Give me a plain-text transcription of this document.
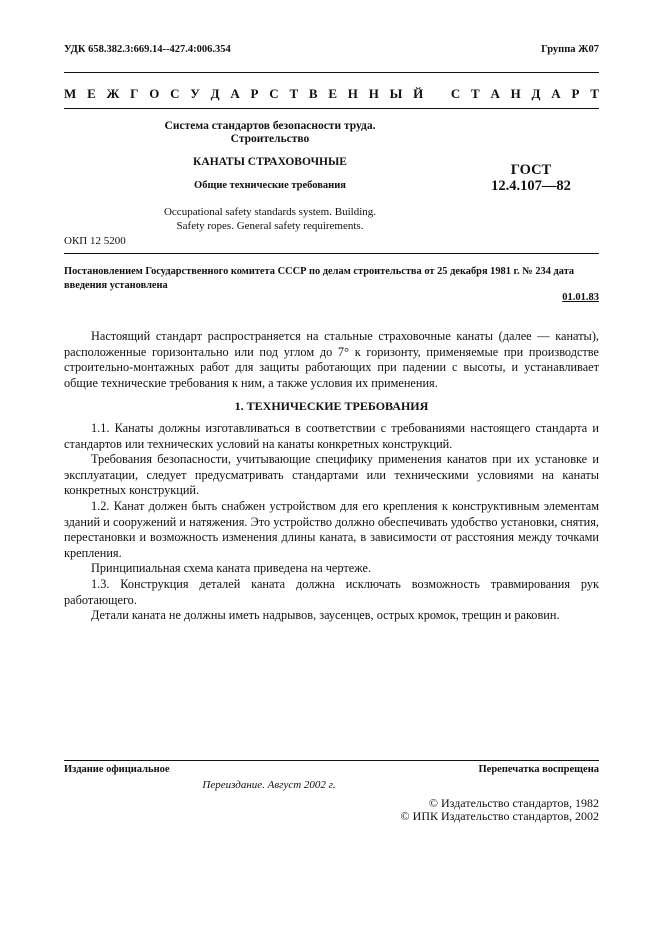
УДК 658.382.3:669.14--427.4:006.354	Группа Ж07
М Е Ж Г О С У Д А Р С Т В Е Н Н Ы Й С Т А Н Д А Р Т
Система стандартов безопасности труда.
Строительство
КАНАТЫ СТРАХОВОЧНЫЕ
Общие технические требования
Occupational safety standards system. Building.
Safety ropes. General safety requirements.
ГОСТ
12.4.107—82
ОКП 12 5200
Постановлением Государственного комитета СССР по делам строительства от 25 декабря 1981 г. № 234 дата
введения установлена
01.01.83
Настоящий стандарт распространяется на стальные страховочные канаты (далее — канаты), расположенные горизонтально или под углом до 7° к горизонту, применяемые при производстве строительно-монтажных работ для защиты работающих при падении с высоты, и устанавливает общие технические требования к ним, а также условия их применения.
1. ТЕХНИЧЕСКИЕ ТРЕБОВАНИЯ
1.1. Канаты должны изготавливаться в соответствии с требованиями настоящего стандарта и стандартов или технических условий на канаты конкретных конструкций.
Требования безопасности, учитывающие специфику применения канатов при их установке и эксплуатации, следует предусматривать стандартами или техническими условиями на канаты конкретных конструкций.
1.2. Канат должен быть снабжен устройством для его крепления к конструктивным элементам зданий и сооружений и натяжения. Это устройство должно обеспечивать удобство установки, снятия, перестановки и возможность изменения длины каната, в зависимости от расстояния между точками крепления.
Принципиальная схема каната приведена на чертеже.
1.3. Конструкция деталей каната должна исключать возможность травмирования рук работающего.
Детали каната не должны иметь надрывов, заусенцев, острых кромок, трещин и раковин.
Издание официальное	Перепечатка воспрещена
Переиздание. Август 2002 г.
© Издательство стандартов, 1982
© ИПК Издательство стандартов, 2002
